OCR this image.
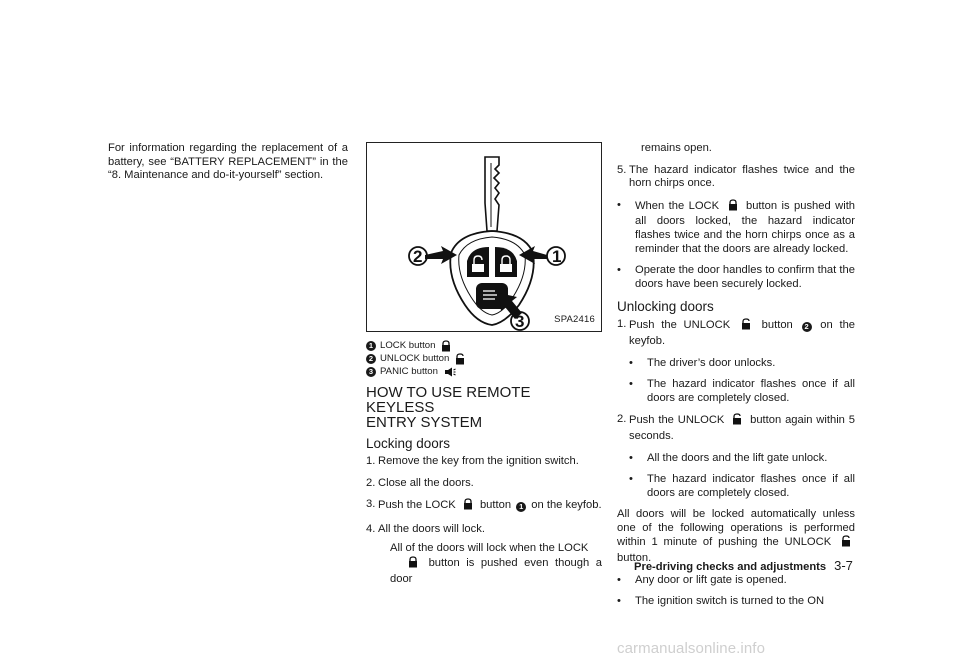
For information regarding the replacement of a battery, see “BATTERY REPLACEMENT” in the “8. Maintenance and do-it-yourself” section.

2	1
3	SPA2416
1 LOCK button
2 UNLOCK button
3 PANIC button
HOW TO USE REMOTE KEYLESS
ENTRY SYSTEM
Locking doors
1. Remove the key from the ignition switch.
2. Close all the doors.
3. Push the LOCK button 1 on the keyfob.
4. All the doors will lock.

All of the doors will lock when the LOCK
button is pushed even though a door

remains open.

5. The hazard indicator flashes twice and the horn chirps once.
•	When the LOCK button is pushed with all doors locked, the hazard indicator flashes twice and the horn chirps once as a reminder that the doors are already locked.
•	Operate the door handles to confirm that the doors have been securely locked.
Unlocking doors
1. Push the UNLOCK	button 2 on the keyfob.
•	The driver’s door unlocks.
•	The hazard indicator flashes once if all doors are completely closed.
2. Push the UNLOCK button again within 5 seconds.
•	All the doors and the lift gate unlock.
•	The hazard indicator flashes once if all doors are completely closed.

All doors will be locked automatically unless one of the following operations is performed within 1 minute of pushing the UNLOCK  button.

•	Any door or lift gate is opened.
•	The ignition switch is turned to the ON
Pre-driving checks and adjustments 3-7
carmanualsonline.info
